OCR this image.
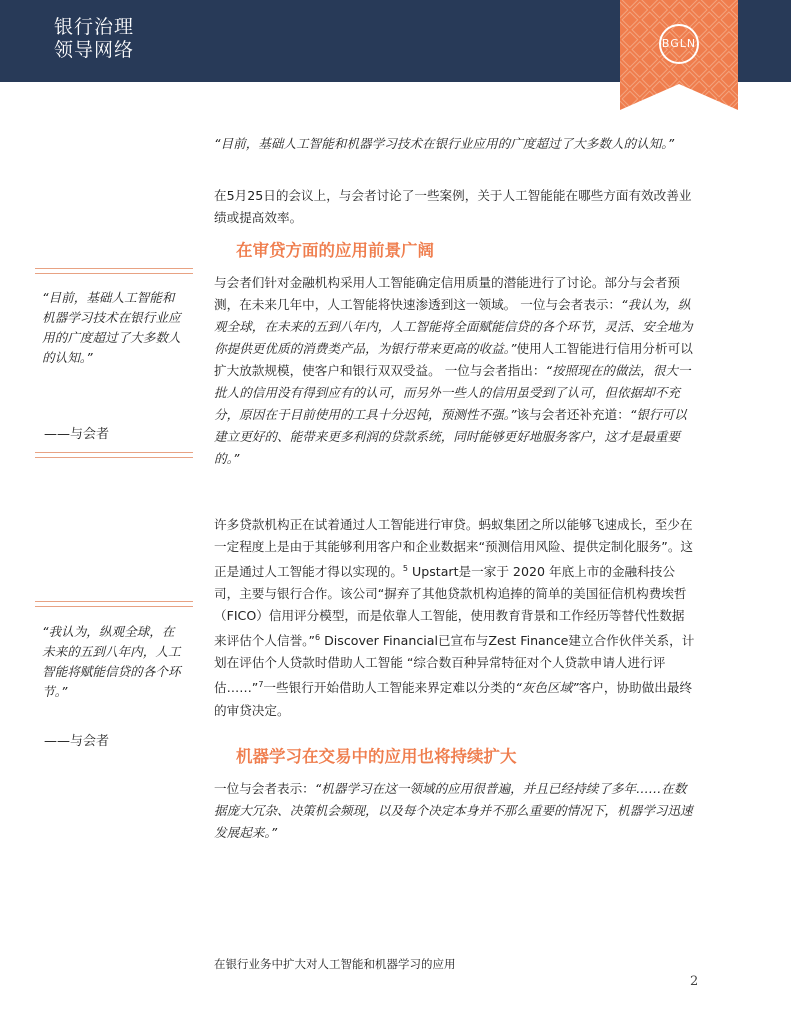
银行治理
领导网络	BGLN
“目前，基础人工智能和机器学习技术在银行业应用的广度超过了大多数人的认知。”
在5月25日的会议上，与会者讨论了一些案例，关于人工智能能在哪些方面有效改善业绩或提高效率。
在审贷方面的应用前景广阔

与会者们针对金融机构采用人工智能确定信用质量的潜能进行了讨论。部分与会者预测，在未来几年中，人工智能将快速渗透到这一领域。 一位与会者表示：“我认为，纵观全球，在未来的五到八年内，人工智能将全面赋能信贷的各个环节，灵活、安全地为你提供更优质的消费类产品，为银行带来更高的收益。”使用人工智能进行信用分析可以扩大放款规模，使客户和银行双双受益。 一位与会者指出：“按照现在的做法，很大一批人的信用没有得到应有的认可，而另外一些人的信用虽受到了认可，但依据却不充分，原因在于目前使用的工具十分迟钝，预测性不强。”该与会者还补充道：“银行可以建立更好的、能带来更多利润的贷款系统，同时能够更好地服务客户，这才是最重要的。”

许多贷款机构正在试着通过人工智能进行审贷。蚂蚁集团之所以能够飞速成长，至少在一定程度上是由于其能够利用客户和企业数据来“预测信用风险、提供定制化服务”。这正是通过人工智能才得以实现的。$^5$ Upstart是一家于 2020 年底上市的金融科技公司，主要与银行合作。该公司“摒弃了其他贷款机构追捧的简单的美国征信机构费埃哲（FICO）信用评分模型，而是依靠人工智能，使用教育背景和工作经历等替代性数据来评估个人信誉。”$^6$ Discover Financial已宣布与Zest Finance建立合作伙伴关系，计划在评估个人贷款时借助人工智能 “综合数百种异常特征对个人贷款申请人进行评估……”$^7$一些银行开始借助人工智能来界定难以分类的“灰色区域”客户，协助做出最终的审贷决定。

机器学习在交易中的应用也将持续扩大

一位与会者表示：“机器学习在这一领域的应用很普遍，并且已经持续了多年……在数据庞大冗杂、决策机会频现，以及每个决定本身并不那么重要的情况下，机器学习迅速发展起来。”

“目前，基础人工智能和机器学习技术在银行业应用的广度超过了大多数人的认知。”
——与会者
“我认为，纵观全球，在未来的五到八年内，人工智能将赋能信贷的各个环节。”
——与会者
在银行业务中扩大对人工智能和机器学习的应用
2
